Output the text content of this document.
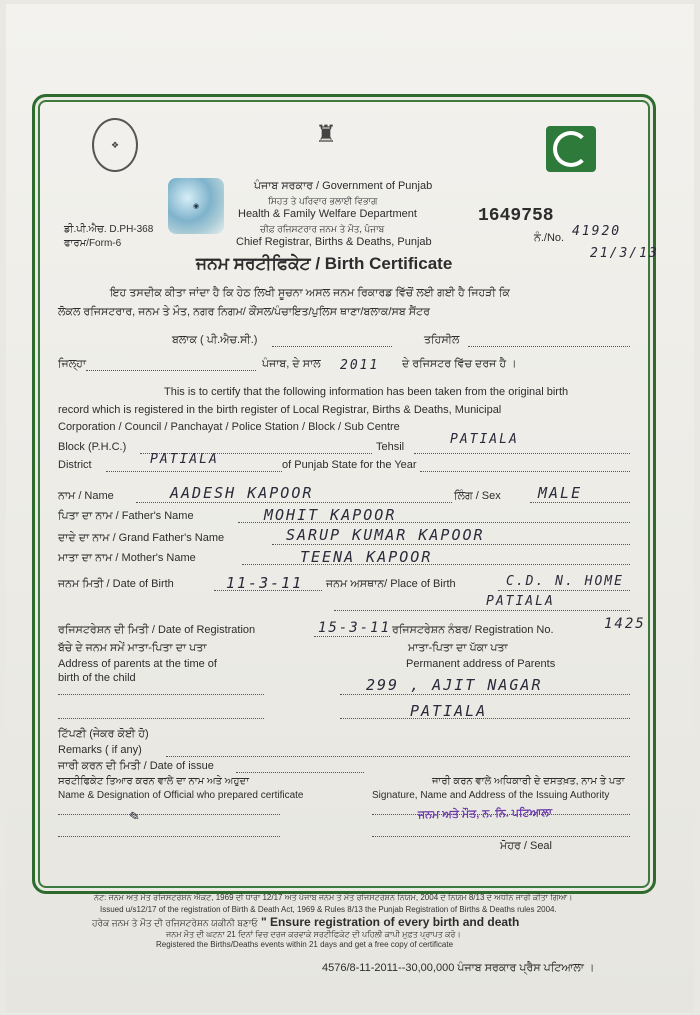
❖	♜
◉
ਪੰਜਾਬ ਸਰਕਾਰ / Government of Punjab
ਸਿਹਤ ਤੇ ਪਰਿਵਾਰ ਭਲਾਈ ਵਿਭਾਗ
Health & Family Welfare Department
ਚੀਫ਼ ਰਜਿਸਟਰਾਰ ਜਨਮ ਤੇ ਮੌਤ, ਪੰਜਾਬ
Chief Registrar, Births & Deaths, Punjab
ਡੀ.ਪੀ.ਐਚ. D.PH-368
ਫਾਰਮ/Form-6
1649758
ਨੰ./No. 41920
21/3/13
ਜਨਮ ਸਰਟੀਫਿਕੇਟ / Birth Certificate
ਇਹ ਤਸਦੀਕ ਕੀਤਾ ਜਾਂਦਾ ਹੈ ਕਿ ਹੇਠ ਲਿਖੀ ਸੂਚਨਾ ਅਸਲ ਜਨਮ ਰਿਕਾਰਡ ਵਿੱਚੋਂ ਲਈ ਗਈ ਹੈ ਜਿਹੜੀ ਕਿ
ਲੋਕਲ ਰਜਿਸਟਰਾਰ, ਜਨਮ ਤੇ ਮੌਤ, ਨਗਰ ਨਿਗਮ/ ਕੌਂਸਲ/ਪੰਚਾਇਤ/ਪੁਲਿਸ ਥਾਣਾ/ਬਲਾਕ/ਸਬ ਸੈਂਟਰ
ਬਲਾਕ ( ਪੀ.ਐਚ.ਸੀ.)	ਤਹਿਸੀਲ
ਜਿਲ੍ਹਾ	ਪੰਜਾਬ, ਦੇ ਸਾਲ 2011 ਦੇ ਰਜਿਸਟਰ ਵਿੱਚ ਦਰਜ ਹੈ ।
This is to certify that the following information has been taken from the original birth
record which is registered in the birth register of Local Registrar, Births & Deaths, Municipal
Corporation / Council / Panchayat / Police Station / Block / Sub Centre
Block (P.H.C.)	Tehsil	PATIALA
District	PATIALA	of Punjab State for the Year
ਨਾਮ / Name	AADESH KAPOOR	ਲਿੰਗ / Sex MALE
ਪਿਤਾ ਦਾ ਨਾਮ / Father's Name	MOHIT KAPOOR
ਦਾਦੇ ਦਾ ਨਾਮ / Grand Father's Name	SARUP KUMAR KAPOOR
ਮਾਤਾ ਦਾ ਨਾਮ / Mother's Name	TEENA KAPOOR
ਜਨਮ ਮਿਤੀ / Date of Birth	11-3-11 ਜਨਮ ਅਸਥਾਨ/ Place of Birth	C.D. N. HOME
PATIALA
ਰਜਿਸਟਰੇਸ਼ਨ ਦੀ ਮਿਤੀ / Date of Registration	15-3-11 ਰਜਿਸਟਰੇਸ਼ਨ ਨੰਬਰ/ Registration No.	1425
ਬੱਚੇ ਦੇ ਜਨਮ ਸਮੇਂ ਮਾਤਾ-ਪਿਤਾ ਦਾ ਪਤਾ
Address of parents at the time of
birth of the child
ਮਾਤਾ-ਪਿਤਾ ਦਾ ਪੱਕਾ ਪਤਾ
Permanent address of Parents
299 , AJIT NAGAR
PATIALA
ਟਿੱਪਣੀ (ਜੇਕਰ ਕੋਈ ਹੋ)
Remarks ( if any)
ਜਾਰੀ ਕਰਨ ਦੀ ਮਿਤੀ / Date of issue
ਸਰਟੀਫਿਕੇਟ ਤਿਆਰ ਕਰਨ ਵਾਲੇ ਦਾ ਨਾਮ ਅਤੇ ਅਹੁਦਾ
Name & Designation of Official who prepared certificate
✎
ਜਾਰੀ ਕਰਨ ਵਾਲੇ ਅਧਿਕਾਰੀ ਦੇ ਦਸਤਖ਼ਤ, ਨਾਮ ਤੇ ਪਤਾ
Signature, Name and Address of the Issuing Authority
ਜਨਮ ਅਤੇ ਮੌਤ, ਨ. ਨਿ. ਪਟਿਆਲਾ
ਮੋਹਰ / Seal
ਨੋਟ: ਜਨਮ ਅਤੇ ਮੌਤ ਰਜਿਸਟਰੇਸ਼ਨ ਐਕਟ, 1969 ਦੀ ਧਾਰਾ 12/17 ਅਤੇ ਪੰਜਾਬ ਜਨਮ ਤੇ ਮੌਤ ਰਜਿਸਟਰੇਸ਼ਨ ਨਿਯਮ, 2004 ਦੇ ਨਿਯਮ 8/13 ਦੇ ਅਧੀਨ ਜਾਰੀ ਕੀਤਾ ਗਿਆ।
Issued u/s12/17 of the registration of Birth & Death Act, 1969 & Rules 8/13 the Punjab Registration of Births & Deaths rules 2004.
ਹਰੇਕ ਜਨਮ ਤੇ ਮੌਤ ਦੀ ਰਜਿਸਟਰੇਸ਼ਨ ਯਕੀਨੀ ਬਣਾਓ " Ensure registration of every birth and death
ਜਨਮ ਮੌਤ ਦੀ ਘਟਨਾ 21 ਦਿਨਾਂ ਵਿਚ ਦਰਜ ਕਰਵਾਕੇ ਸਰਟੀਫਿਕੇਟ ਦੀ ਪਹਿਲੀ ਕਾਪੀ ਮੁਫ਼ਤ ਪ੍ਰਾਪਤ ਕਰੋ।
Registered the Births/Deaths events within 21 days and get a free copy of certificate
4576/8-11-2011--30,00,000 ਪੰਜਾਬ ਸਰਕਾਰ ਪ੍ਰੈਸ ਪਟਿਆਲਾ ।
